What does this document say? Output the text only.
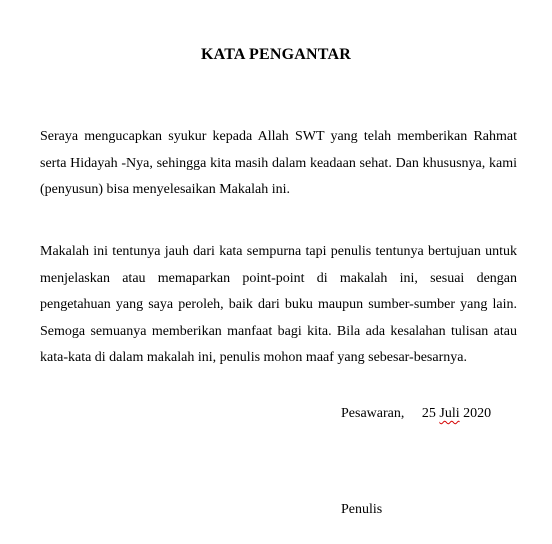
KATA PENGANTAR

Seraya mengucapkan syukur kepada Allah SWT yang telah memberikan Rahmat serta Hidayah -Nya, sehingga kita masih dalam keadaan sehat. Dan khususnya, kami (penyusun) bisa menyelesaikan Makalah ini.

Makalah ini tentunya jauh dari kata sempurna tapi penulis tentunya bertujuan untuk menjelaskan atau memaparkan point-point di makalah ini, sesuai dengan pengetahuan yang saya peroleh, baik dari buku maupun sumber-sumber yang lain. Semoga semuanya memberikan manfaat bagi kita. Bila ada kesalahan tulisan atau kata-kata di dalam makalah ini, penulis mohon maaf yang sebesar-besarnya.

Pesawaran, 25 Juli 2020

Penulis
